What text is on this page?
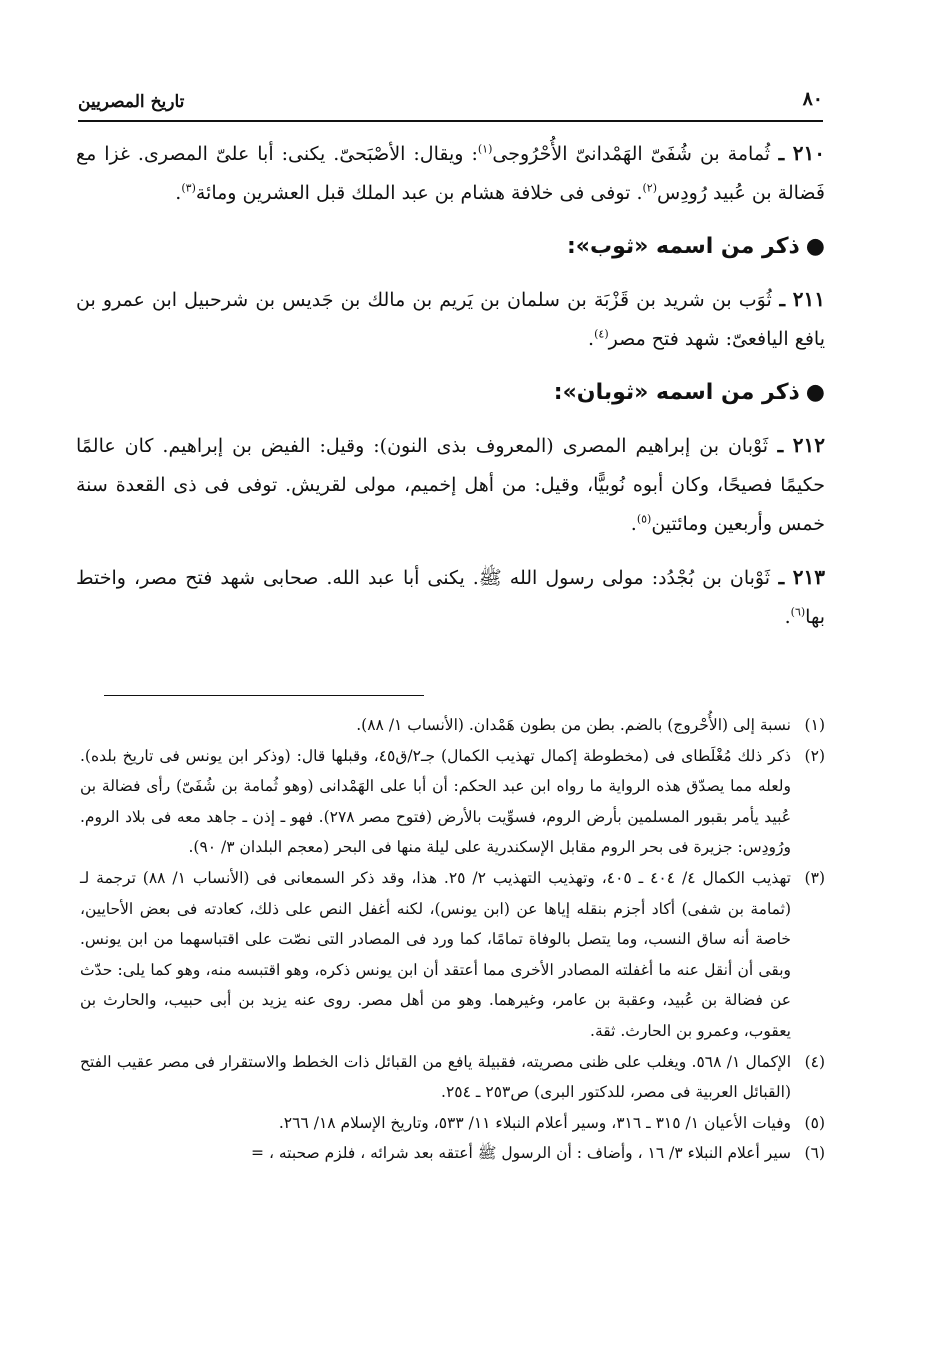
٨٠
تاريخ المصريين

٢١٠ ـ ثُمامة بن شُفَىّ الهَمْدانىّ الأُحْرُوجى$^{(١)}$: ويقال: الأصْبَحىّ. يكنى: أبا علىّ المصرى. غزا مع فَضالة بن عُبيد رُودِس$^{(٢)}$. توفى فى خلافة هشام بن عبد الملك قبل العشرين ومائة$^{(٣)}$.

●ذكر من اسمه «ثوب»:

٢١١ ـ ثُوَب بن شريد بن قَزْبَة بن سلمان بن يَريم بن مالك بن جَديس بن شرحبيل ابن عمرو بن يافع اليافعىّ: شهد فتح مصر$^{(٤)}$.

●ذكر من اسمه «ثوبان»:

٢١٢ ـ ثَوْبان بن إبراهيم المصرى (المعروف بذى النون): وقيل: الفيض بن إبراهيم. كان عالمًا حكيمًا فصيحًا، وكان أبوه نُوبيًّا، وقيل: من أهل إخميم، مولى لقريش. توفى فى ذى القعدة سنة خمس وأربعين ومائتين$^{(٥)}$.

٢١٣ ـ ثَوْبان بن بُجْدُد: مولى رسول الله ﷺ. يكنى أبا عبد الله. صحابى شهد فتح مصر، واختط بها$^{(٦)}$.

(١)نسبة إلى (الأُحْروج) بالضم. بطن من بطون هَمْدان. (الأنساب ١/ ٨٨).

(٢)ذكر ذلك مُغْلَطاى فى (مخطوطة إكمال تهذيب الكمال) جـ٢/ق٤٥، وقبلها قال: (وذكر ابن يونس فى تاريخ بلده). ولعله مما يصدّق هذه الرواية ما رواه ابن عبد الحكم: أن أبا على الهَمْدانى (وهو ثُمامة بن شُفَىّ) رأى فضالة بن عُبيد يأمر بقبور المسلمين بأرض الروم، فسوِّيت بالأرض (فتوح مصر ٢٧٨). فهو ـ إذن ـ جاهد معه فى بلاد الروم. ورُودِس: جزيرة فى بحر الروم مقابل الإسكندرية على ليلة منها فى البحر (معجم البلدان ٣/ ٩٠).

(٣)تهذيب الكمال ٤/ ٤٠٤ ـ ٤٠٥، وتهذيب التهذيب ٢/ ٢٥. هذا، وقد ذكر السمعانى فى (الأنساب ١/ ٨٨) ترجمة لـ (ثمامة بن شفى) أكاد أجزم بنقله إياها عن (ابن يونس)، لكنه أغفل النص على ذلك، كعادته فى بعض الأحايين، خاصة أنه ساق النسب، وما يتصل بالوفاة تمامًا، كما ورد فى المصادر التى نصّت على اقتباسهما من ابن يونس. وبقى أن أنقل عنه ما أغفلته المصادر الأخرى مما أعتقد أن ابن يونس ذكره، وهو اقتبسه منه، وهو كما يلى: حدّث عن فضالة بن عُبيد، وعقبة بن عامر، وغيرهما. وهو من أهل مصر. روى عنه يزيد بن أبى حبيب، والحارث بن يعقوب، وعمرو بن الحارث. ثقة.

(٤)الإكمال ١/ ٥٦٨. ويغلب على ظنى مصريته، فقبيلة يافع من القبائل ذات الخطط والاستقرار فى مصر عقيب الفتح (القبائل العربية فى مصر، للدكتور البرى) ص٢٥٣ ـ ٢٥٤.

(٥)وفيات الأعيان ١/ ٣١٥ ـ ٣١٦، وسير أعلام النبلاء ١١/ ٥٣٣، وتاريخ الإسلام ١٨/ ٢٦٦.

(٦)سير أعلام النبلاء ٣/ ١٦ ، وأضاف : أن الرسول ﷺ أعتقه بعد شرائه ، فلزم صحبته ، =
